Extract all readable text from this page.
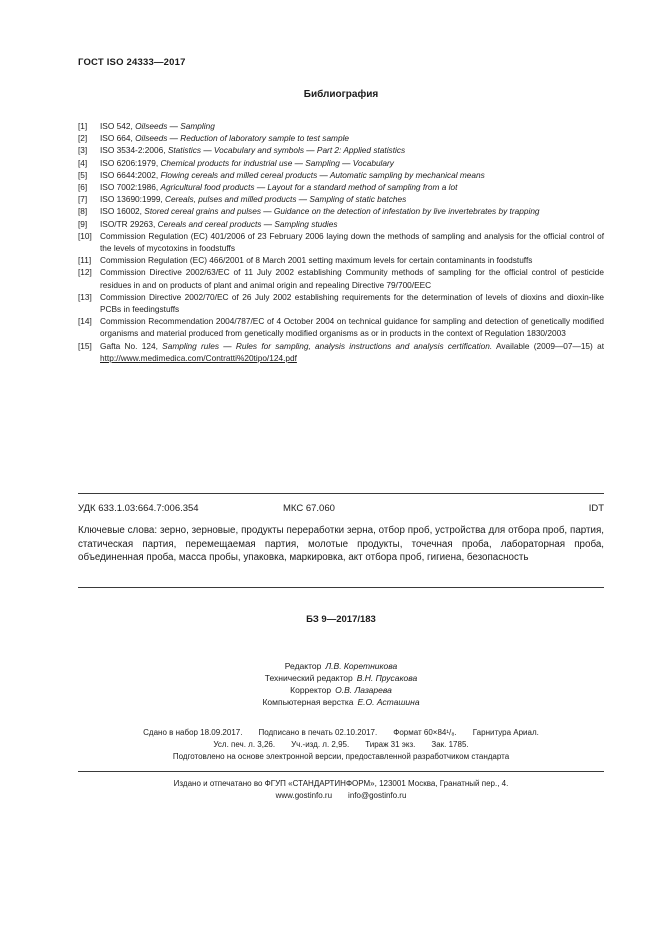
ГОСТ ISO 24333—2017
Библиография
[1]	ISO 542, Oilseeds — Sampling
[2]	ISO 664, Oilseeds — Reduction of laboratory sample to test sample
[3]	ISO 3534-2:2006, Statistics — Vocabulary and symbols — Part 2: Applied statistics
[4]	ISO 6206:1979, Chemical products for industrial use — Sampling — Vocabulary
[5]	ISO 6644:2002, Flowing cereals and milled cereal products — Automatic sampling by mechanical means
[6]	ISO 7002:1986, Agricultural food products — Layout for a standard method of sampling from a lot
[7]	ISO 13690:1999, Cereals, pulses and milled products — Sampling of static batches
[8]	ISO 16002, Stored cereal grains and pulses — Guidance on the detection of infestation by live invertebrates by trapping
[9]	ISO/TR 29263, Cereals and cereal products — Sampling studies
[10] Commission Regulation (EC) 401/2006 of 23 February 2006 laying down the methods of sampling and analysis for the official control of the levels of mycotoxins in foodstuffs
[11]	Commission Regulation (EC) 466/2001 of 8 March 2001 setting maximum levels for certain contaminants in foodstuffs
[12] Commission Directive 2002/63/EC of 11 July 2002 establishing Community methods of sampling for the official control of pesticide residues in and on products of plant and animal origin and repealing Directive 79/700/EEC
[13] Commission Directive 2002/70/EC of 26 July 2002 establishing requirements for the determination of levels of dioxins and dioxin-like PCBs in feedingstuffs
[14] Commission Recommendation 2004/787/EC of 4 October 2004 on technical guidance for sampling and detection of genetically modified organisms and material produced from genetically modified organisms as or in products in the context of Regulation 1830/2003
[15] Gafta No. 124, Sampling rules — Rules for sampling, analysis instructions and analysis certification. Available (2009—07—15) at http://www.medimedica.com/Contratti%20tipo/124.pdf
УДК 633.1.03:664.7:006.354	МКС 67.060	IDT
Ключевые слова: зерно, зерновые, продукты переработки зерна, отбор проб, устройства для отбора проб, партия, статическая партия, перемещаемая партия, молотые продукты, точечная проба, лабораторная проба, объединенная проба, масса пробы, упаковка, маркировка, акт отбора проб, гигиена, безопасность
БЗ 9—2017/183
Редактор Л.В. Коретникова
Технический редактор В.Н. Прусакова
Корректор О.В. Лазарева
Компьютерная верстка Е.О. Асташина
Сдано в набор 18.09.2017. Подписано в печать 02.10.2017. Формат 60×84¹/₈. Гарнитура Ариал.
Усл. печ. л. 3,26. Уч.-изд. л. 2,95. Тираж 31 экз. Зак. 1785.
Подготовлено на основе электронной версии, предоставленной разработчиком стандарта
Издано и отпечатано во ФГУП «СТАНДАРТИНФОРМ», 123001 Москва, Гранатный пер., 4.
www.gostinfo.ru info@gostinfo.ru
